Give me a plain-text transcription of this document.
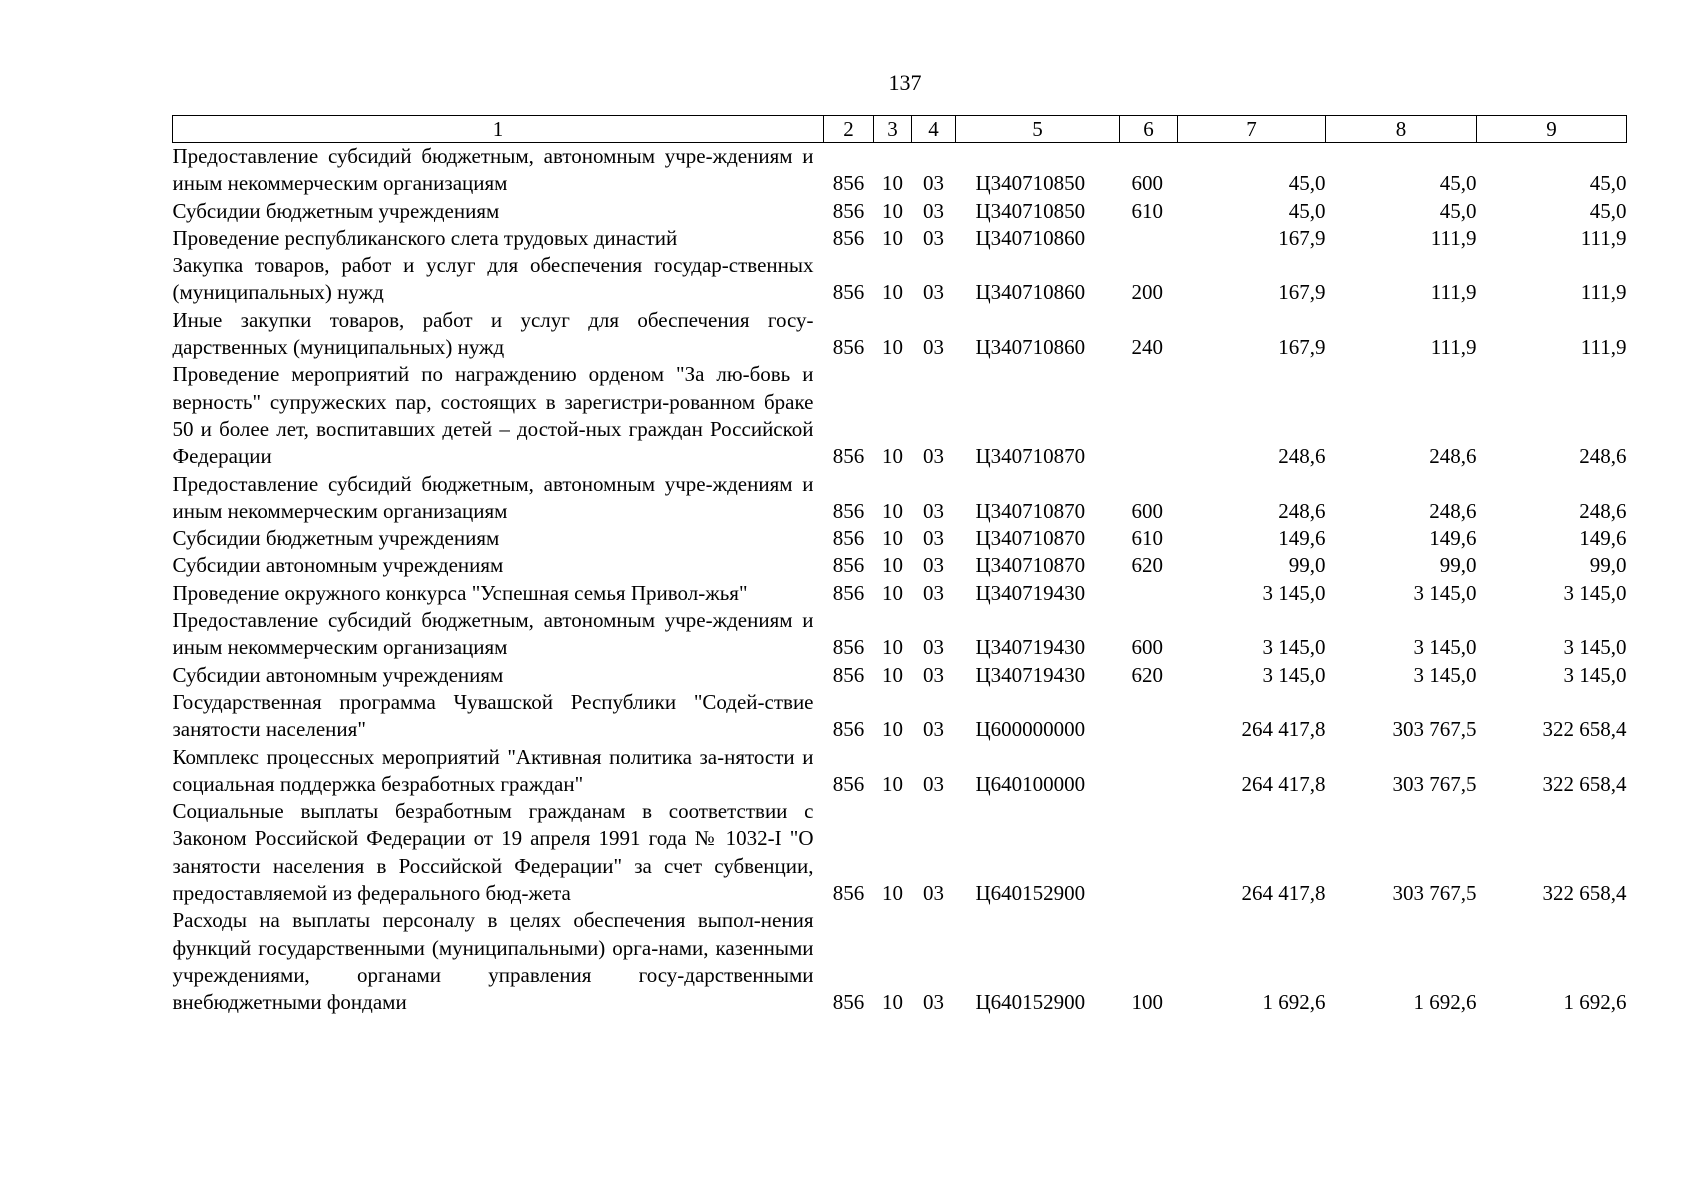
137
1	2	3	4	5	6	7	8	9
Предоставление субсидий бюджетным, автономным учре-ждениям и иным некоммерческим организациям	856	10	03	Ц340710850	600	45,0	45,0	45,0
Субсидии бюджетным учреждениям	856	10	03	Ц340710850	610	45,0	45,0	45,0
Проведение республиканского слета трудовых династий	856	10	03	Ц340710860		167,9	111,9	111,9
Закупка товаров, работ и услуг для обеспечения государ-ственных (муниципальных) нужд	856	10	03	Ц340710860	200	167,9	111,9	111,9
Иные закупки товаров, работ и услуг для обеспечения госу-дарственных (муниципальных) нужд	856	10	03	Ц340710860	240	167,9	111,9	111,9
Проведение мероприятий по награждению орденом "За лю-бовь и верность" супружеских пар, состоящих в зарегистри-рованном браке 50 и более лет, воспитавших детей – достой-ных граждан Российской Федерации	856	10	03	Ц340710870		248,6	248,6	248,6
Предоставление субсидий бюджетным, автономным учре-ждениям и иным некоммерческим организациям	856	10	03	Ц340710870	600	248,6	248,6	248,6
Субсидии бюджетным учреждениям	856	10	03	Ц340710870	610	149,6	149,6	149,6
Субсидии автономным учреждениям	856	10	03	Ц340710870	620	99,0	99,0	99,0
Проведение окружного конкурса "Успешная семья Привол-жья"	856	10	03	Ц340719430		3 145,0	3 145,0	3 145,0
Предоставление субсидий бюджетным, автономным учре-ждениям и иным некоммерческим организациям	856	10	03	Ц340719430	600	3 145,0	3 145,0	3 145,0
Субсидии автономным учреждениям	856	10	03	Ц340719430	620	3 145,0	3 145,0	3 145,0
Государственная программа Чувашской Республики "Содей-ствие занятости населения"	856	10	03	Ц600000000		264 417,8	303 767,5	322 658,4
Комплекс процессных мероприятий "Активная политика за-нятости и социальная поддержка безработных граждан"	856	10	03	Ц640100000		264 417,8	303 767,5	322 658,4
Социальные выплаты безработным гражданам в соответствии с Законом Российской Федерации от 19 апреля 1991 года № 1032-I "О занятости населения в Российской Федерации" за счет субвенции, предоставляемой из федерального бюд-жета	856	10	03	Ц640152900		264 417,8	303 767,5	322 658,4
Расходы на выплаты персоналу в целях обеспечения выпол-нения функций государственными (муниципальными) орга-нами, казенными учреждениями, органами управления госу-дарственными внебюджетными фондами	856	10	03	Ц640152900	100	1 692,6	1 692,6	1 692,6
